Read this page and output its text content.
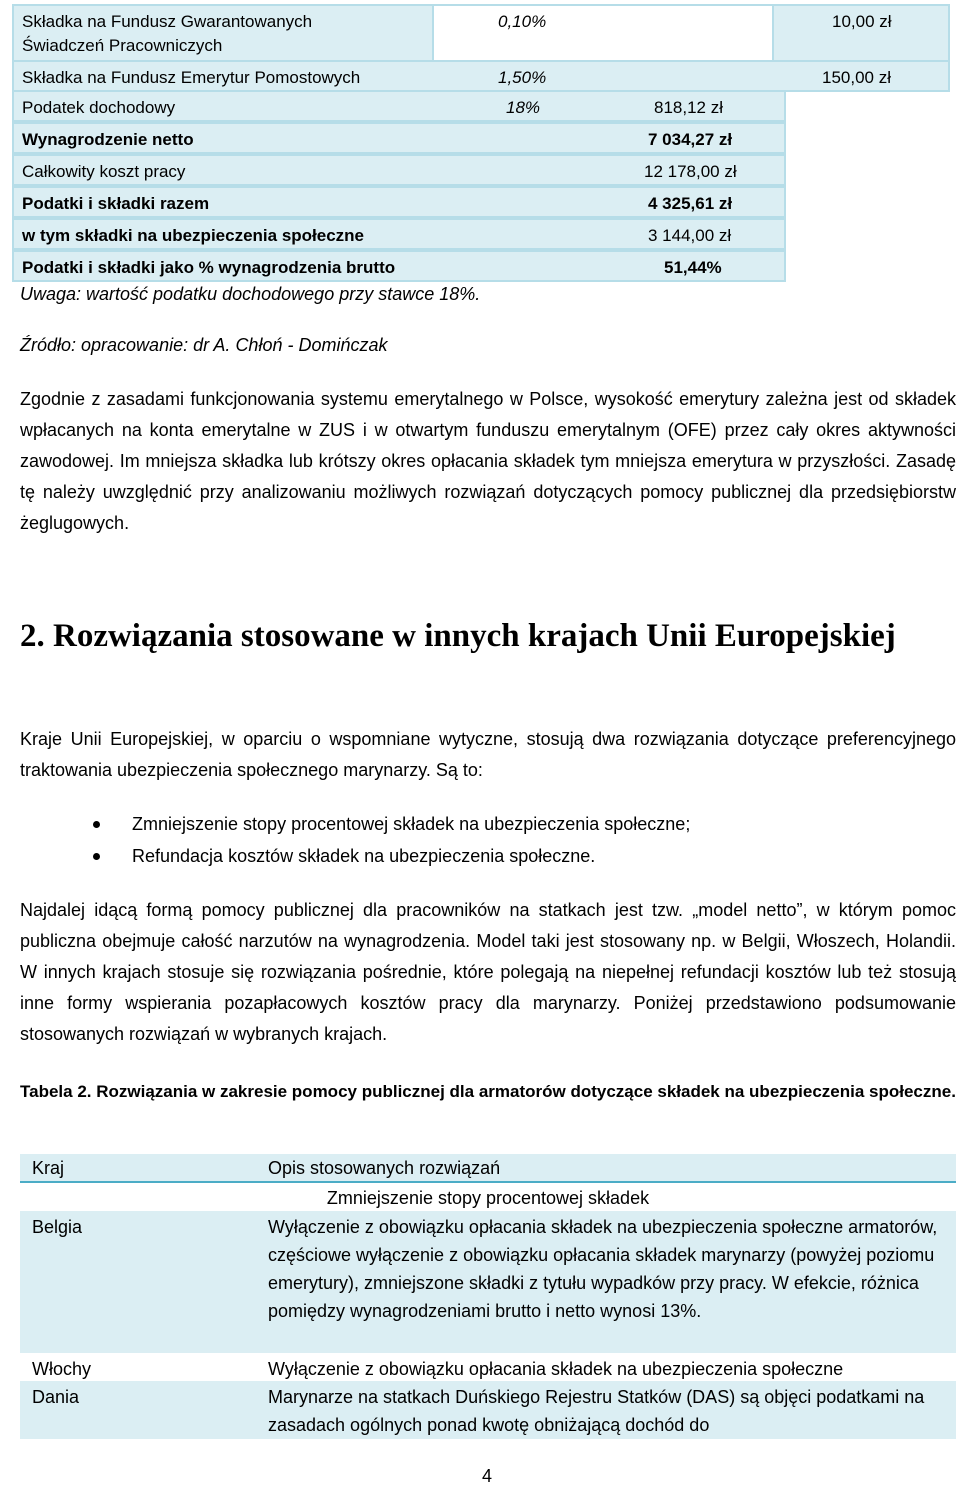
Składka na Fundusz Gwarantowanych
Świadczeń Pracowniczych
0,10%	10,00 zł
Składka na Fundusz Emerytur Pomostowych	1,50%	150,00 zł
Podatek dochodowy	18%	818,12 zł
Wynagrodzenie netto	7 034,27 zł
Całkowity koszt pracy	12 178,00 zł
Podatki i składki razem	4 325,61 zł
w tym składki na ubezpieczenia społeczne	3 144,00 zł
Podatki i składki jako % wynagrodzenia brutto	51,44%
Uwaga: wartość podatku dochodowego przy stawce 18%.
Źródło: opracowanie: dr A. Chłoń - Domińczak

Zgodnie z zasadami funkcjonowania systemu emerytalnego w Polsce, wysokość emerytury zależna jest od składek wpłacanych na konta emerytalne w ZUS i w otwartym funduszu emerytalnym (OFE) przez cały okres aktywności zawodowej. Im mniejsza składka lub krótszy okres opłacania składek tym mniejsza emerytura w przyszłości. Zasadę tę należy uwzględnić przy analizowaniu możliwych rozwiązań dotyczących pomocy publicznej dla przedsiębiorstw żeglugowych.

2. Rozwiązania stosowane w innych krajach Unii Europejskiej

Kraje Unii Europejskiej, w oparciu o wspomniane wytyczne, stosują dwa rozwiązania dotyczące preferencyjnego traktowania ubezpieczenia społecznego marynarzy. Są to:

Zmniejszenie stopy procentowej składek na ubezpieczenia społeczne;
Refundacja kosztów składek na ubezpieczenia społeczne.

Najdalej idącą formą pomocy publicznej dla pracowników na statkach jest tzw. „model netto”, w którym pomoc publiczna obejmuje całość narzutów na wynagrodzenia. Model taki jest stosowany np. w Belgii, Włoszech, Holandii. W innych krajach stosuje się rozwiązania pośrednie, które polegają na niepełnej refundacji kosztów lub też stosują inne formy wspierania pozapłacowych kosztów pracy dla marynarzy. Poniżej przedstawiono podsumowanie stosowanych rozwiązań w wybranych krajach.

Tabela 2. Rozwiązania w zakresie pomocy publicznej dla armatorów dotyczące składek na ubezpieczenia społeczne.

Kraj	Opis stosowanych rozwiązań
Zmniejszenie stopy procentowej składek
Belgia	Wyłączenie z obowiązku opłacania składek na ubezpieczenia społeczne armatorów, częściowe wyłączenie z obowiązku opłacania składek marynarzy (powyżej poziomu emerytury), zmniejszone składki z tytułu wypadków przy pracy. W efekcie, różnica pomiędzy wynagrodzeniami brutto i netto wynosi 13%.
Włochy	Wyłączenie z obowiązku opłacania składek na ubezpieczenia społeczne
Dania	Marynarze na statkach Duńskiego Rejestru Statków (DAS) są objęci podatkami na zasadach ogólnych ponad kwotę obniżającą dochód do
4
